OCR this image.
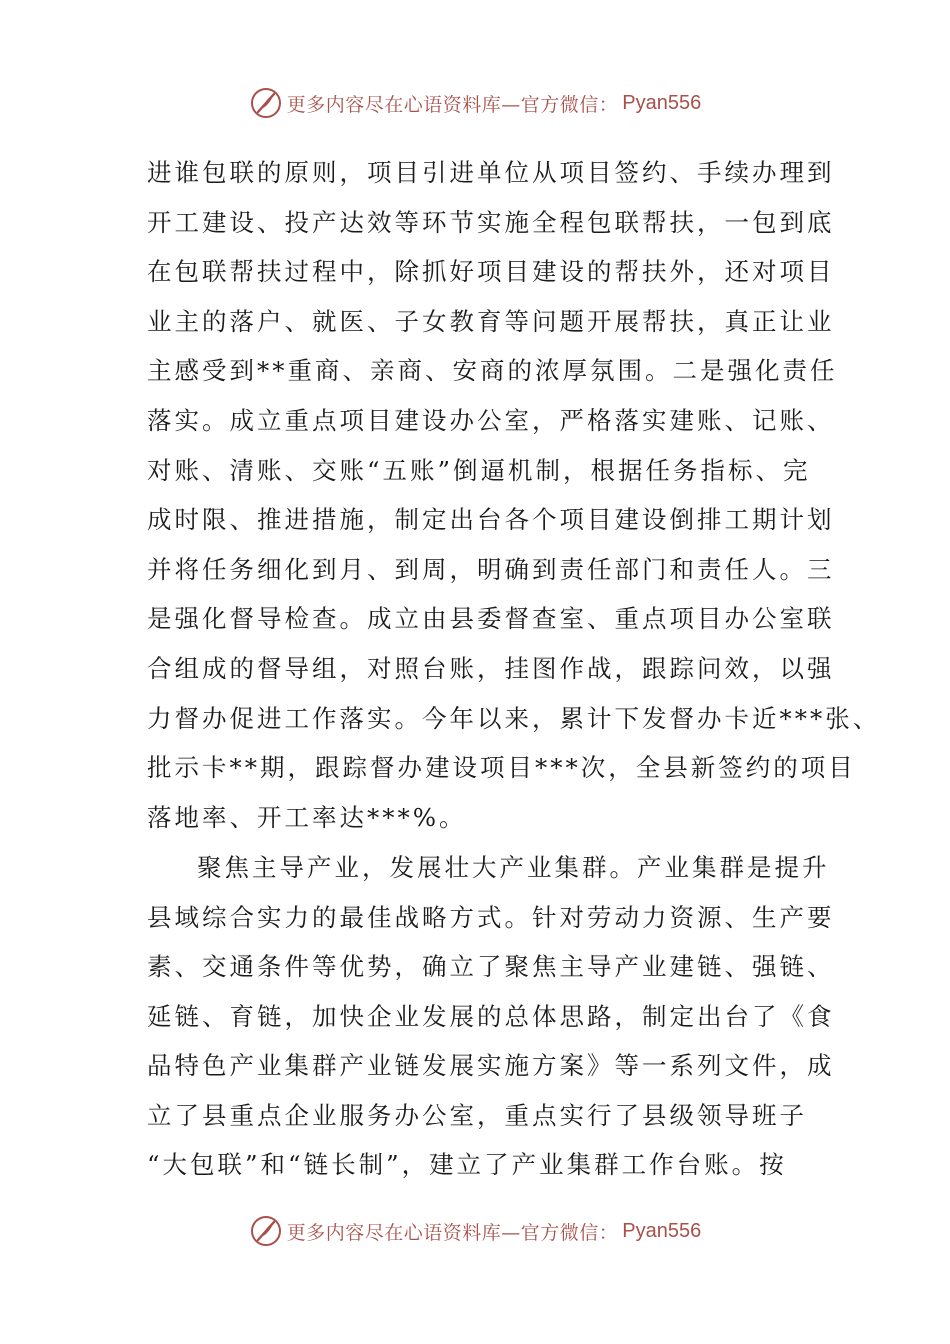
更多内容尽在心语资料库—官方微信： Pyan556
进谁包联的原则，项目引进单位从项目签约、手续办理到
开工建设、投产达效等环节实施全程包联帮扶，一包到底
在包联帮扶过程中，除抓好项目建设的帮扶外，还对项目
业主的落户、就医、子女教育等问题开展帮扶，真正让业
主感受到**重商、亲商、安商的浓厚氛围。二是强化责任
落实。成立重点项目建设办公室，严格落实建账、记账、
对账、清账、交账“五账”倒逼机制，根据任务指标、完
成时限、推进措施，制定出台各个项目建设倒排工期计划
并将任务细化到月、到周，明确到责任部门和责任人。三
是强化督导检查。成立由县委督查室、重点项目办公室联
合组成的督导组，对照台账，挂图作战，跟踪问效，以强
力督办促进工作落实。今年以来，累计下发督办卡近***张、
批示卡**期，跟踪督办建设项目***次，全县新签约的项目
落地率、开工率达***%。
聚焦主导产业，发展壮大产业集群。产业集群是提升
县域综合实力的最佳战略方式。针对劳动力资源、生产要
素、交通条件等优势，确立了聚焦主导产业建链、强链、
延链、育链，加快企业发展的总体思路，制定出台了《食
品特色产业集群产业链发展实施方案》等一系列文件，成
立了县重点企业服务办公室，重点实行了县级领导班子
“大包联”和“链长制”，建立了产业集群工作台账。按
更多内容尽在心语资料库—官方微信： Pyan556
